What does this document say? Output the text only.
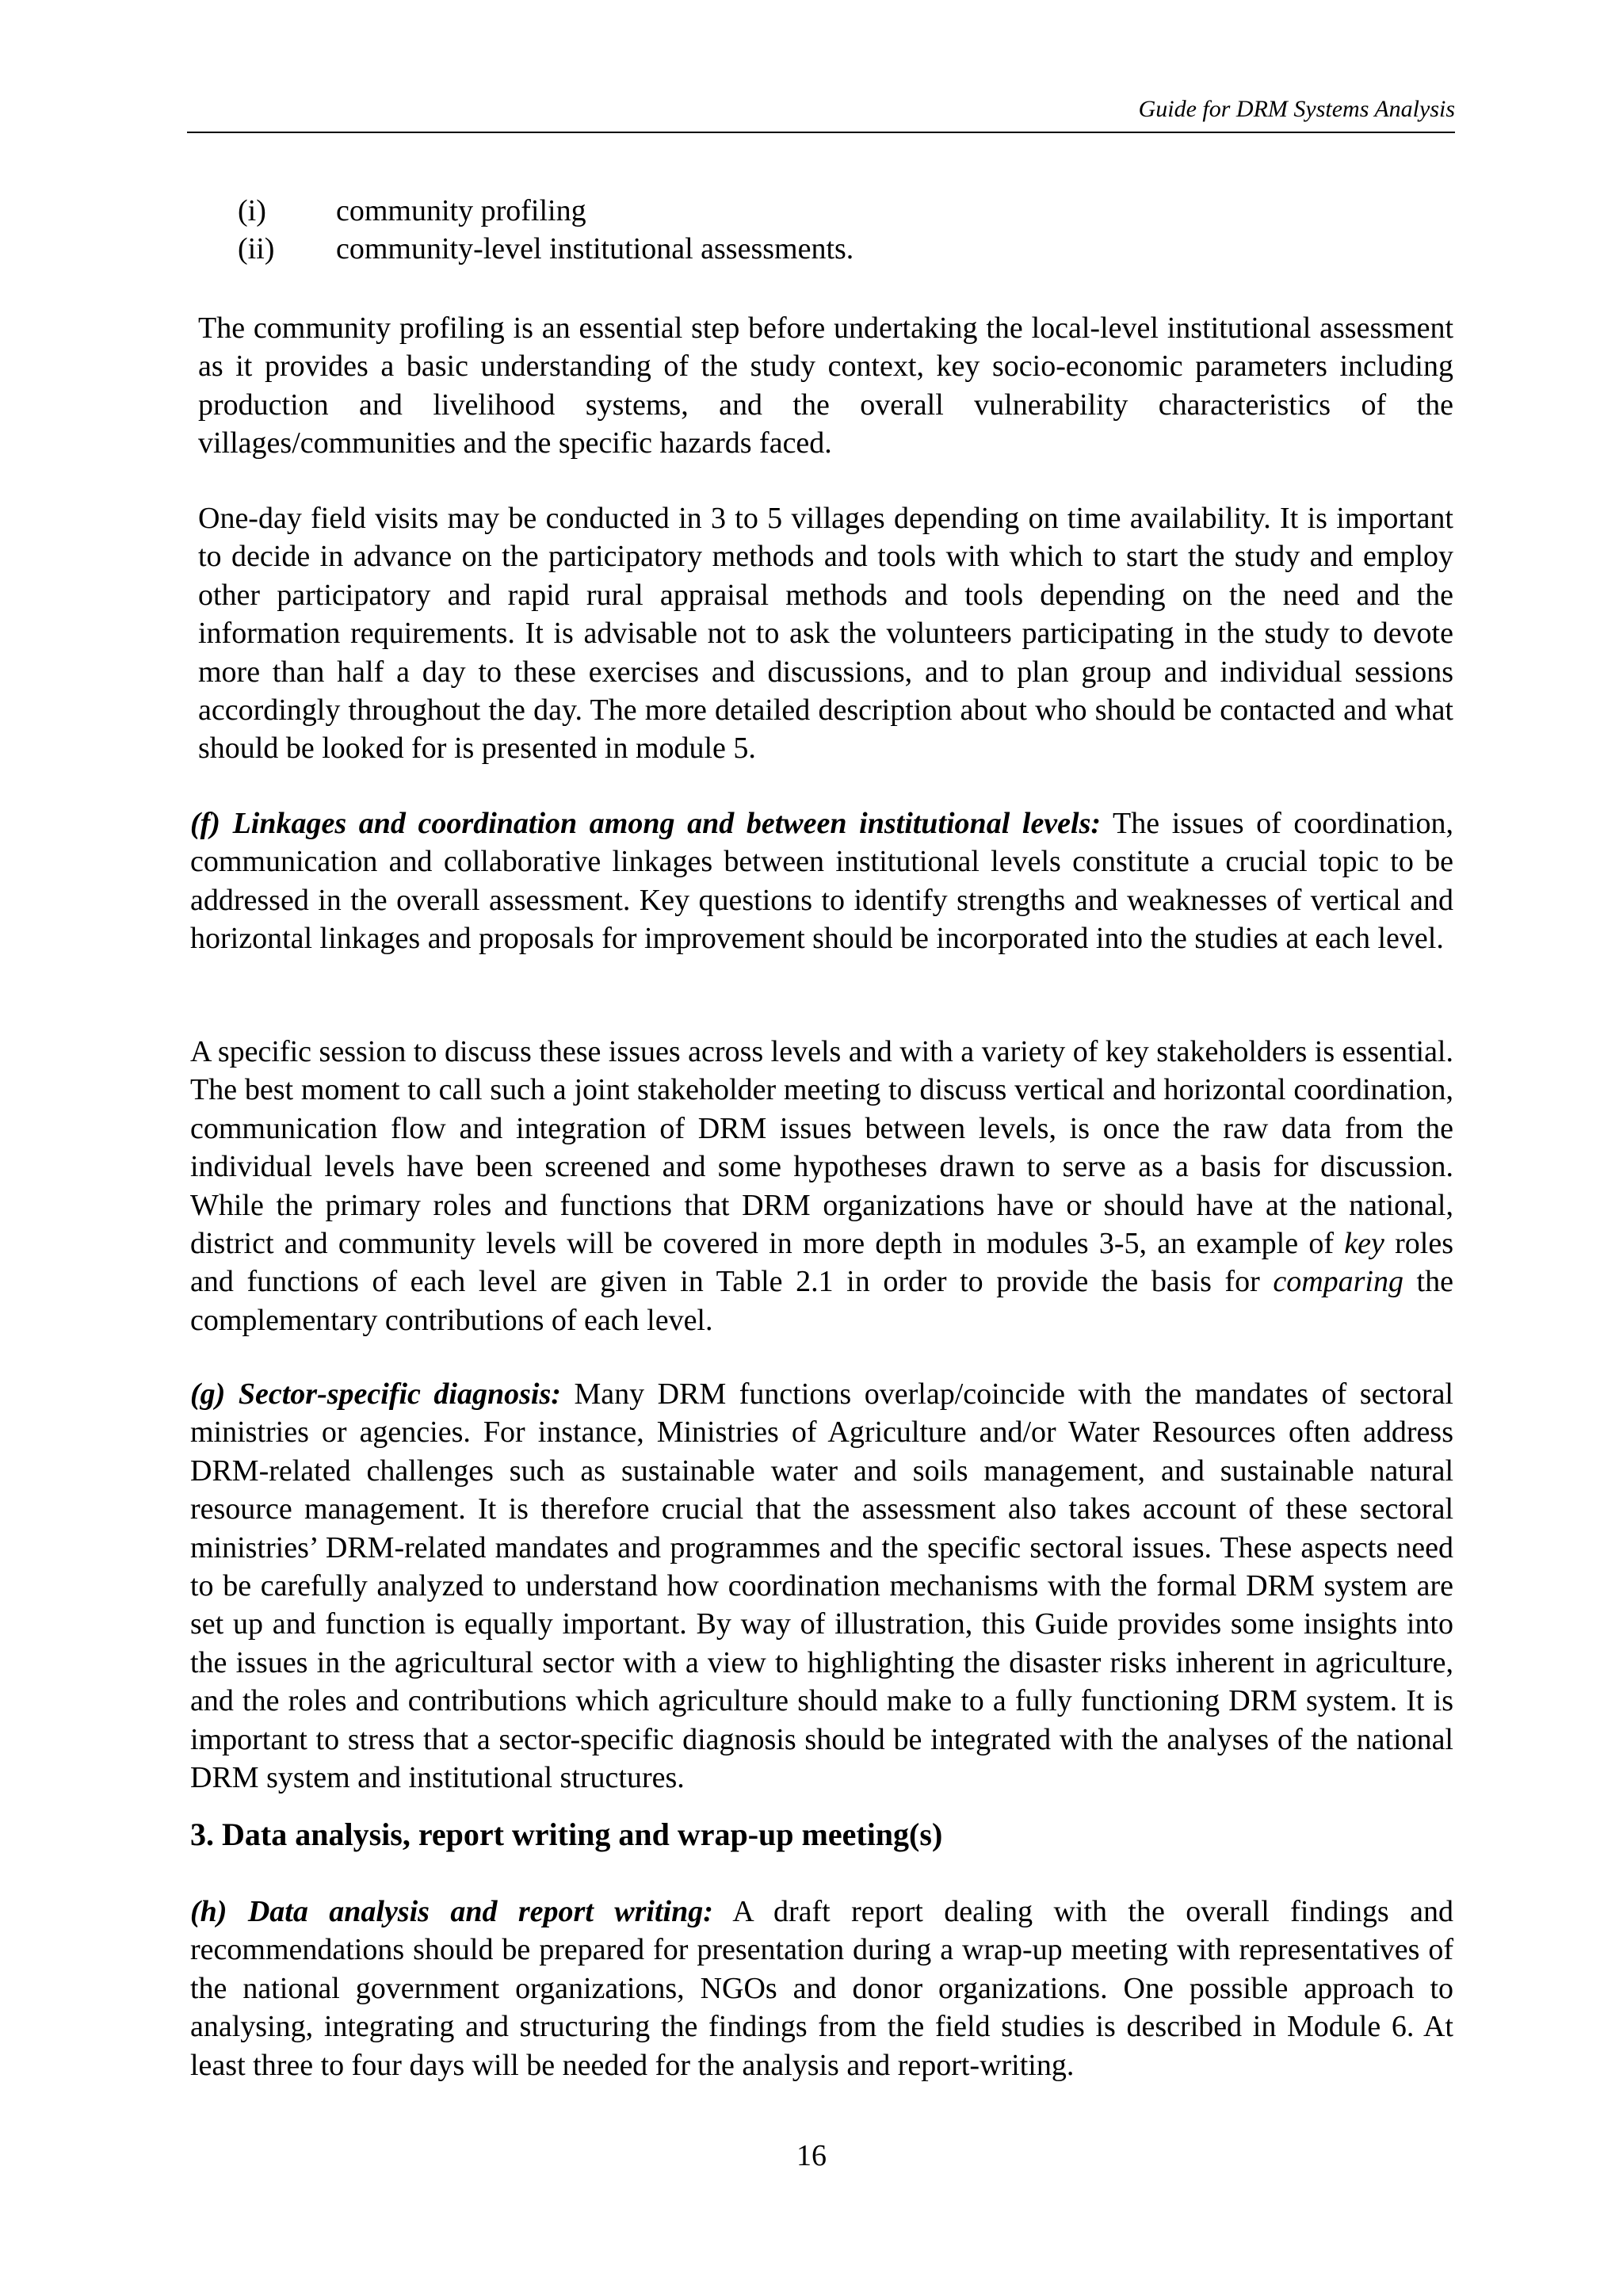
Guide for DRM Systems Analysis
(i)	community profiling
(ii)	community-level institutional assessments.

The community profiling is an essential step before undertaking the local-level institutional assessment as it provides a basic understanding of the study context, key socio-economic parameters including production and livelihood systems, and the overall vulnerability characteristics of the villages/communities and the specific hazards faced.

One-day field visits may be conducted in 3 to 5 villages depending on time availability. It is important to decide in advance on the participatory methods and tools with which to start the study and employ other participatory and rapid rural appraisal methods and tools depending on the need and the information requirements. It is advisable not to ask the volunteers participating in the study to devote more than half a day to these exercises and discussions, and to plan group and individual sessions accordingly throughout the day. The more detailed description about who should be contacted and what should be looked for is presented in module 5.

(f) Linkages and coordination among and between institutional levels: The issues of coordination, communication and collaborative linkages between institutional levels constitute a crucial topic to be addressed in the overall assessment. Key questions to identify strengths and weaknesses of vertical and horizontal linkages and proposals for improvement should be incorporated into the studies at each level.

A specific session to discuss these issues across levels and with a variety of key stakeholders is essential. The best moment to call such a joint stakeholder meeting to discuss vertical and horizontal coordination, communication flow and integration of DRM issues between levels, is once the raw data from the individual levels have been screened and some hypotheses drawn to serve as a basis for discussion. While the primary roles and functions that DRM organizations have or should have at the national, district and community levels will be covered in more depth in modules 3-5, an example of key roles and functions of each level are given in Table 2.1 in order to provide the basis for comparing the complementary contributions of each level.

(g) Sector-specific diagnosis: Many DRM functions overlap/coincide with the mandates of sectoral ministries or agencies. For instance, Ministries of Agriculture and/or Water Resources often address DRM-related challenges such as sustainable water and soils management, and sustainable natural resource management. It is therefore crucial that the assessment also takes account of these sectoral ministries’ DRM-related mandates and programmes and the specific sectoral issues. These aspects need to be carefully analyzed to understand how coordination mechanisms with the formal DRM system are set up and function is equally important. By way of illustration, this Guide provides some insights into the issues in the agricultural sector with a view to highlighting the disaster risks inherent in agriculture, and the roles and contributions which agriculture should make to a fully functioning DRM system. It is important to stress that a sector-specific diagnosis should be integrated with the analyses of the national DRM system and institutional structures.

3. Data analysis, report writing and wrap-up meeting(s)

(h) Data analysis and report writing: A draft report dealing with the overall findings and recommendations should be prepared for presentation during a wrap-up meeting with representatives of the national government organizations, NGOs and donor organizations. One possible approach to analysing, integrating and structuring the findings from the field studies is described in Module 6. At least three to four days will be needed for the analysis and report-writing.

16
